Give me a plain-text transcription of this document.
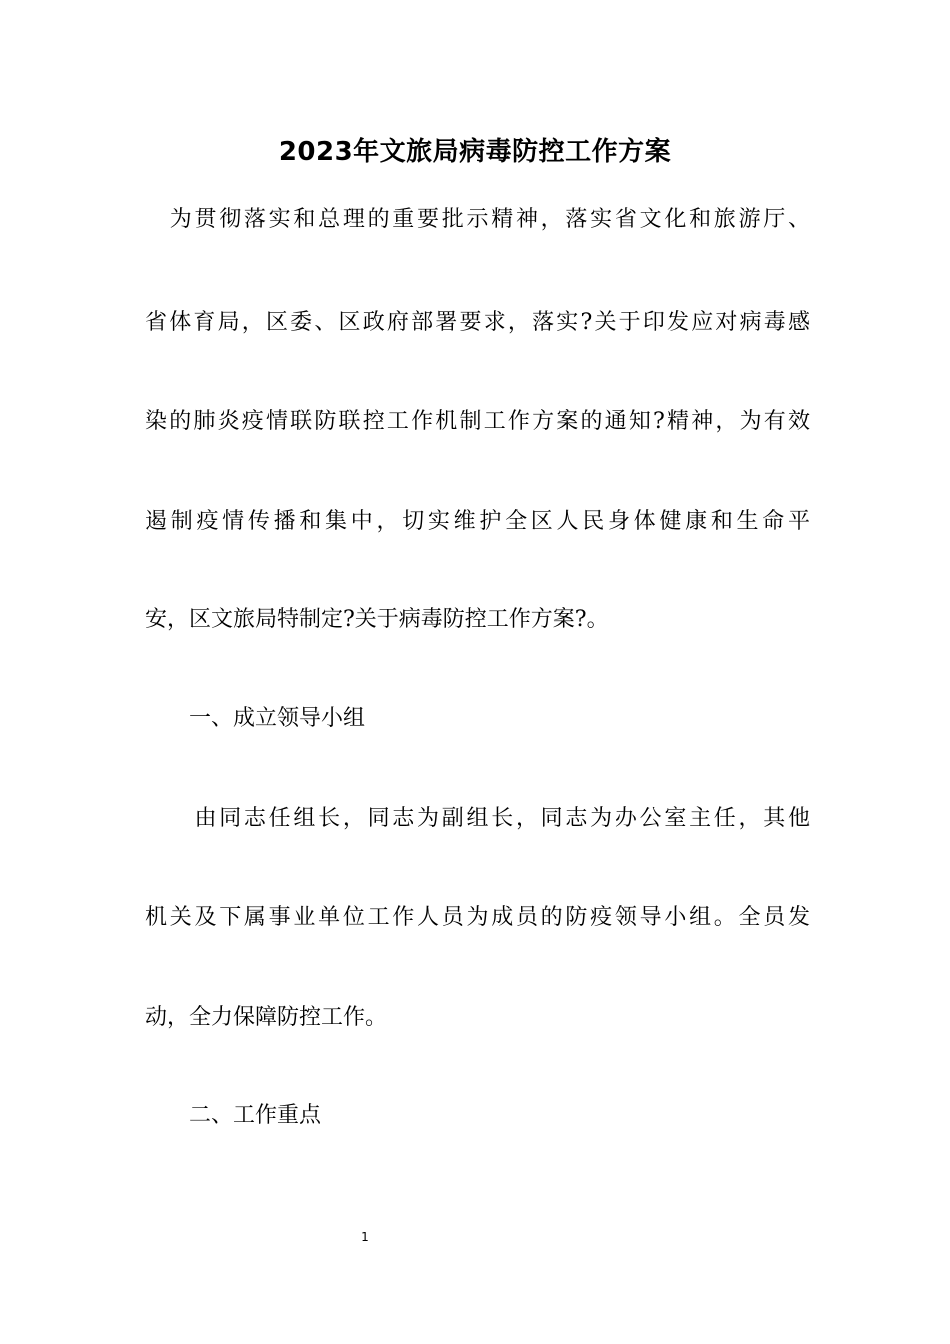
2023年文旅局病毒防控工作方案
　为贯彻落实和总理的重要批示精神，落实省文化和旅游厅、
省体育局，区委、区政府部署要求，落实?关于印发应对病毒感
染的肺炎疫情联防联控工作机制工作方案的通知?精神，为有效
遏制疫情传播和集中，切实维护全区人民身体健康和生命平
安，区文旅局特制定?关于病毒防控工作方案?。
　　一、成立领导小组
　　由同志任组长，同志为副组长，同志为办公室主任，其他
机关及下属事业单位工作人员为成员的防疫领导小组。全员发
动，全力保障防控工作。
　　二、工作重点
1
